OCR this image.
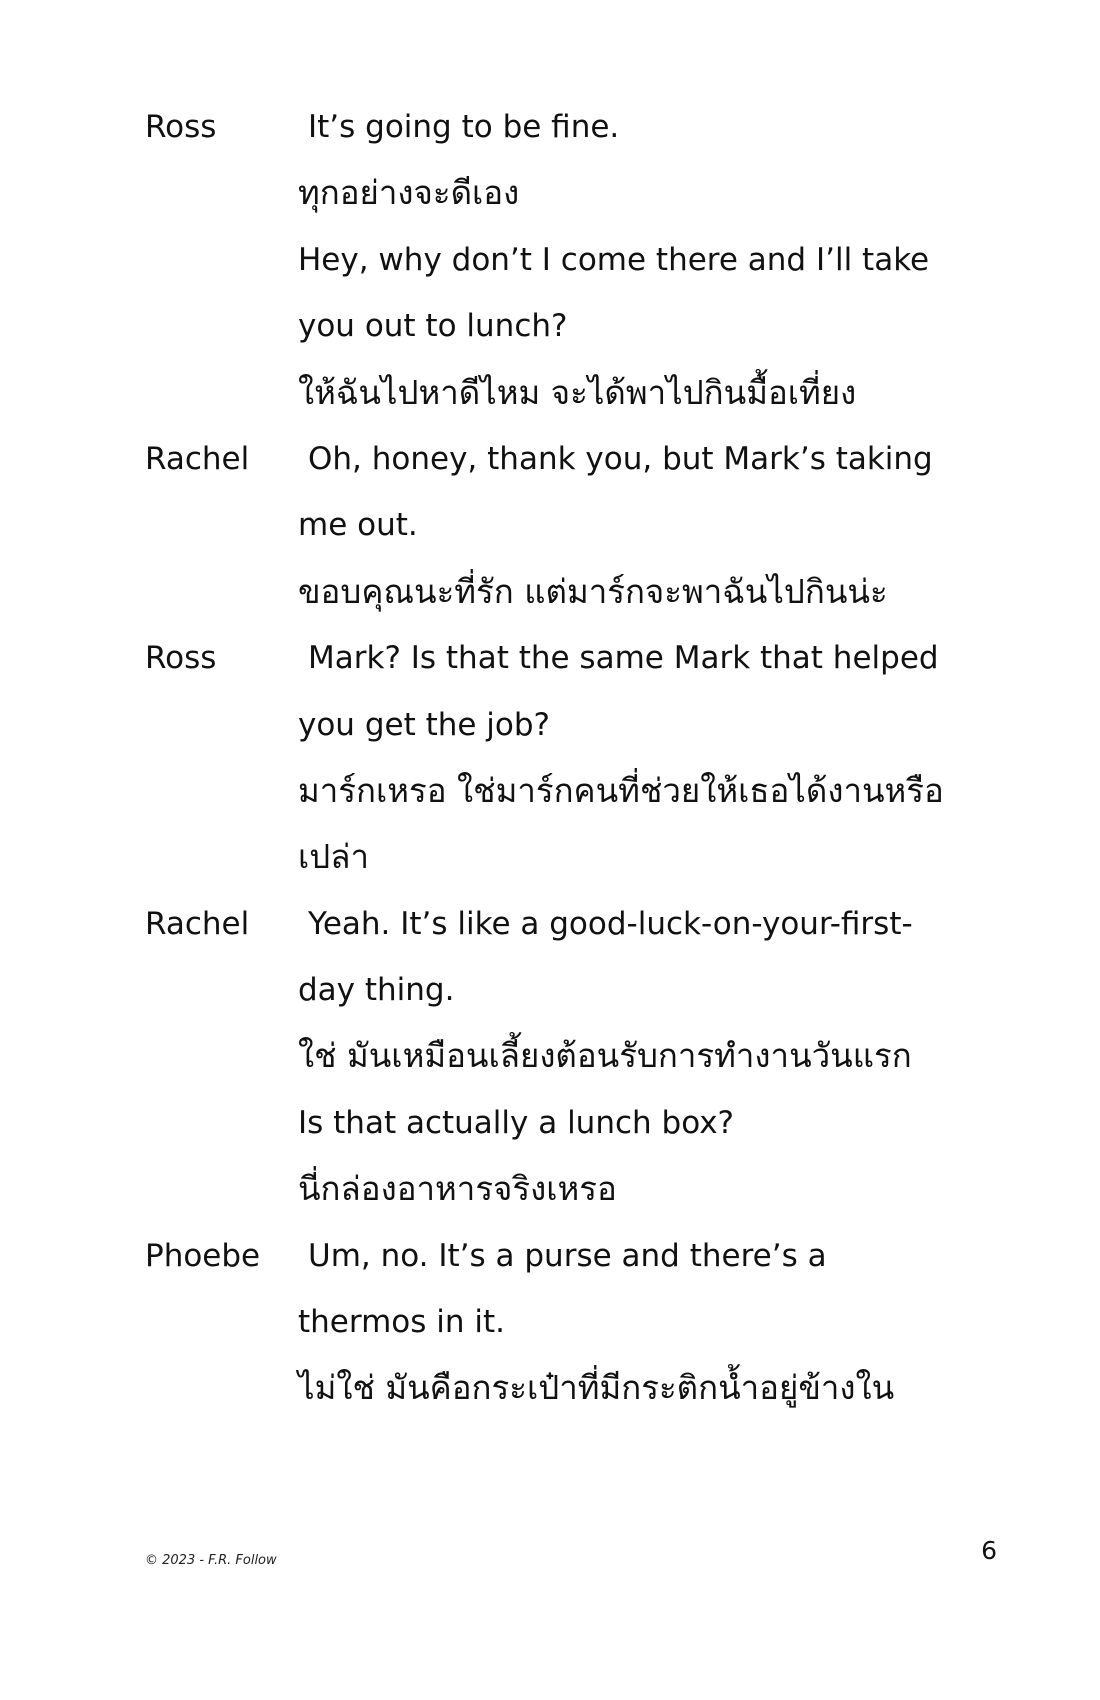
Ross	It’s going to be fine.
ทุกอย่างจะดีเอง
Hey, why don’t I come there and I’ll take
you out to lunch?
ให้ฉันไปหาดีไหม จะได้พาไปกินมื้อเที่ยง
Rachel Oh, honey, thank you, but Mark’s taking
me out.
ขอบคุณนะที่รัก แต่มาร์กจะพาฉันไปกินน่ะ
Ross	Mark? Is that the same Mark that helped
you get the job?
มาร์กเหรอ ใช่มาร์กคนที่ช่วยให้เธอได้งานหรือ
เปล่า
Rachel Yeah. It’s like a good-luck-on-your-first-
day thing.
ใช่ มันเหมือนเลี้ยงต้อนรับการทำงานวันแรก
Is that actually a lunch box?
นี่กล่องอาหารจริงเหรอ
Phoebe Um, no. It’s a purse and there’s a
thermos in it.
ไม่ใช่ มันคือกระเป๋าที่มีกระติกน้ำอยู่ข้างใน
© 2023 - F.R. Follow	6
